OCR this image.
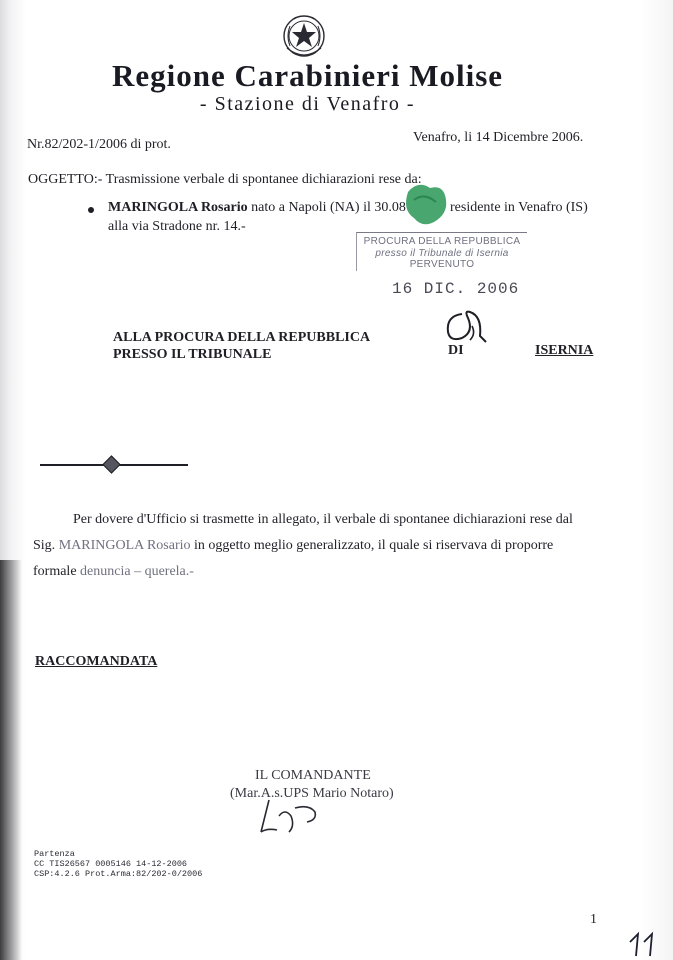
Regione Carabinieri Molise
- Stazione di Venafro -
Nr.82/202-1/2006 di prot.	Venafro, li 14 Dicembre 2006.
OGGETTO:- Trasmissione verbale di spontanee dichiarazioni rese da:
MARINGOLA Rosario nato a Napoli (NA) il 30.08	residente in Venafro (IS)
alla via Stradone nr. 14.-
PROCURA DELLA REPUBBLICA
presso il Tribunale di Isernia
PERVENUTO
16 DIC. 2006
ALLA PROCURA DELLA REPUBBLICA
PRESSO IL TRIBUNALE	DI	ISERNIA
Per dovere d'Ufficio si trasmette in allegato, il verbale di spontanee dichiarazioni rese dal
Sig. MARINGOLA Rosario in oggetto meglio generalizzato, il quale si riservava di proporre
formale denuncia – querela.-
RACCOMANDATA
IL COMANDANTE
(Mar.A.s.UPS Mario Notaro)
Partenza
CC TIS26567 0005146 14-12-2006
CSP:4.2.6 Prot.Arma:82/202-0/2006
1
